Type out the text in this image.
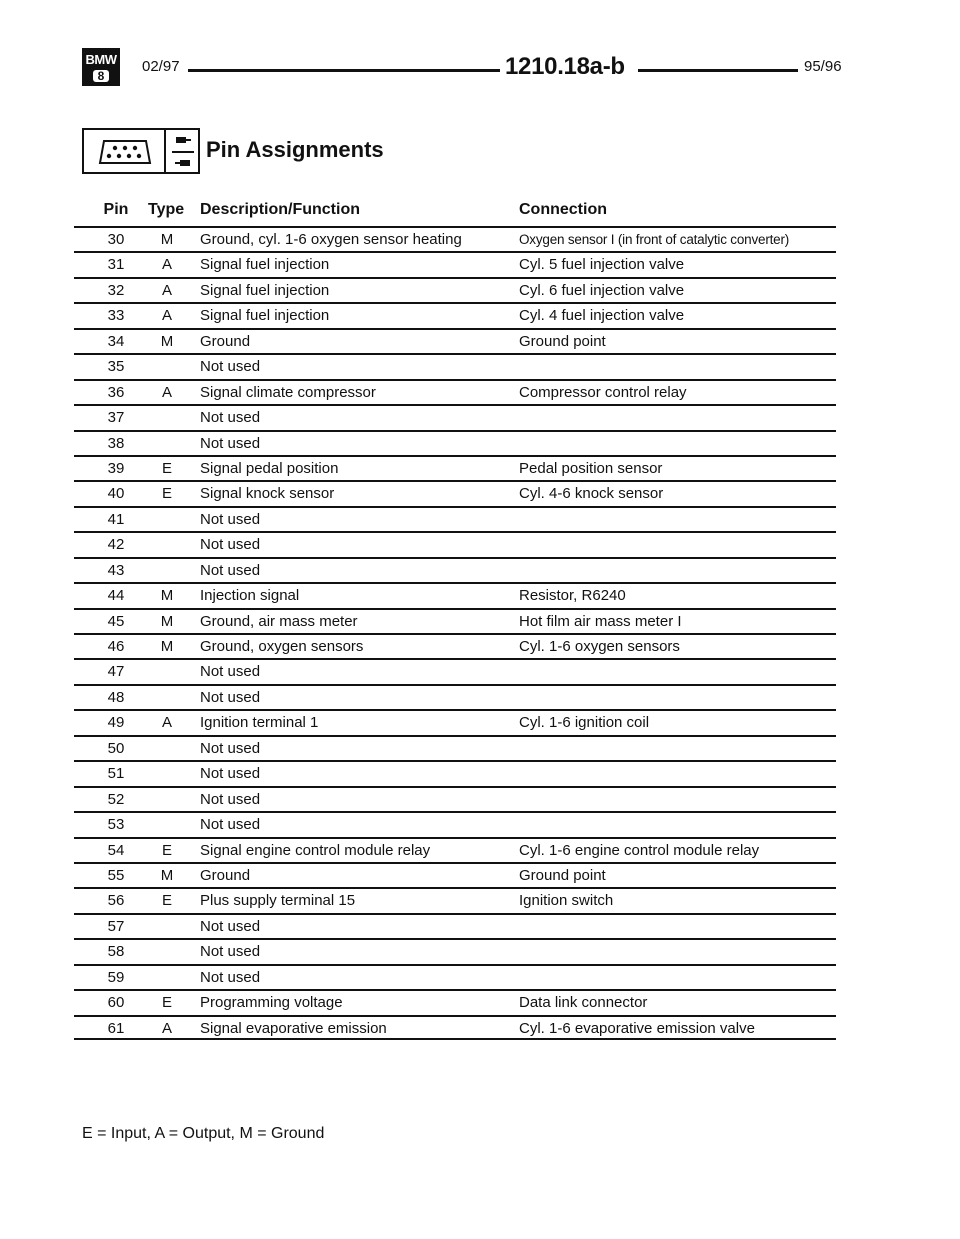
BMW
8
02/97	1210.18a-b	95/96
Pin Assignments
Pin	Type Description/Function	Connection
30	M	Ground, cyl. 1-6 oxygen sensor heating	Oxygen sensor I (in front of catalytic converter)
31	A	Signal fuel injection	Cyl. 5 fuel injection valve
32	A	Signal fuel injection	Cyl. 6 fuel injection valve
33	A	Signal fuel injection	Cyl. 4 fuel injection valve
34	M	Ground	Ground point
35	Not used
36	A	Signal climate compressor	Compressor control relay
37	Not used
38	Not used
39	E	Signal pedal position	Pedal position sensor
40	E	Signal knock sensor	Cyl. 4-6 knock sensor
41	Not used
42	Not used
43	Not used
44	M	Injection signal	Resistor, R6240
45	M	Ground, air mass meter	Hot film air mass meter I
46	M	Ground, oxygen sensors	Cyl. 1-6 oxygen sensors
47	Not used
48	Not used
49	A	Ignition terminal 1	Cyl. 1-6 ignition coil
50	Not used
51	Not used
52	Not used
53	Not used
54	E	Signal engine control module relay	Cyl. 1-6 engine control module relay
55	M	Ground	Ground point
56	E	Plus supply terminal 15	Ignition switch
57	Not used
58	Not used
59	Not used
60	E	Programming voltage	Data link connector
61	A	Signal evaporative emission	Cyl. 1-6 evaporative emission valve
E = Input, A = Output, M = Ground
